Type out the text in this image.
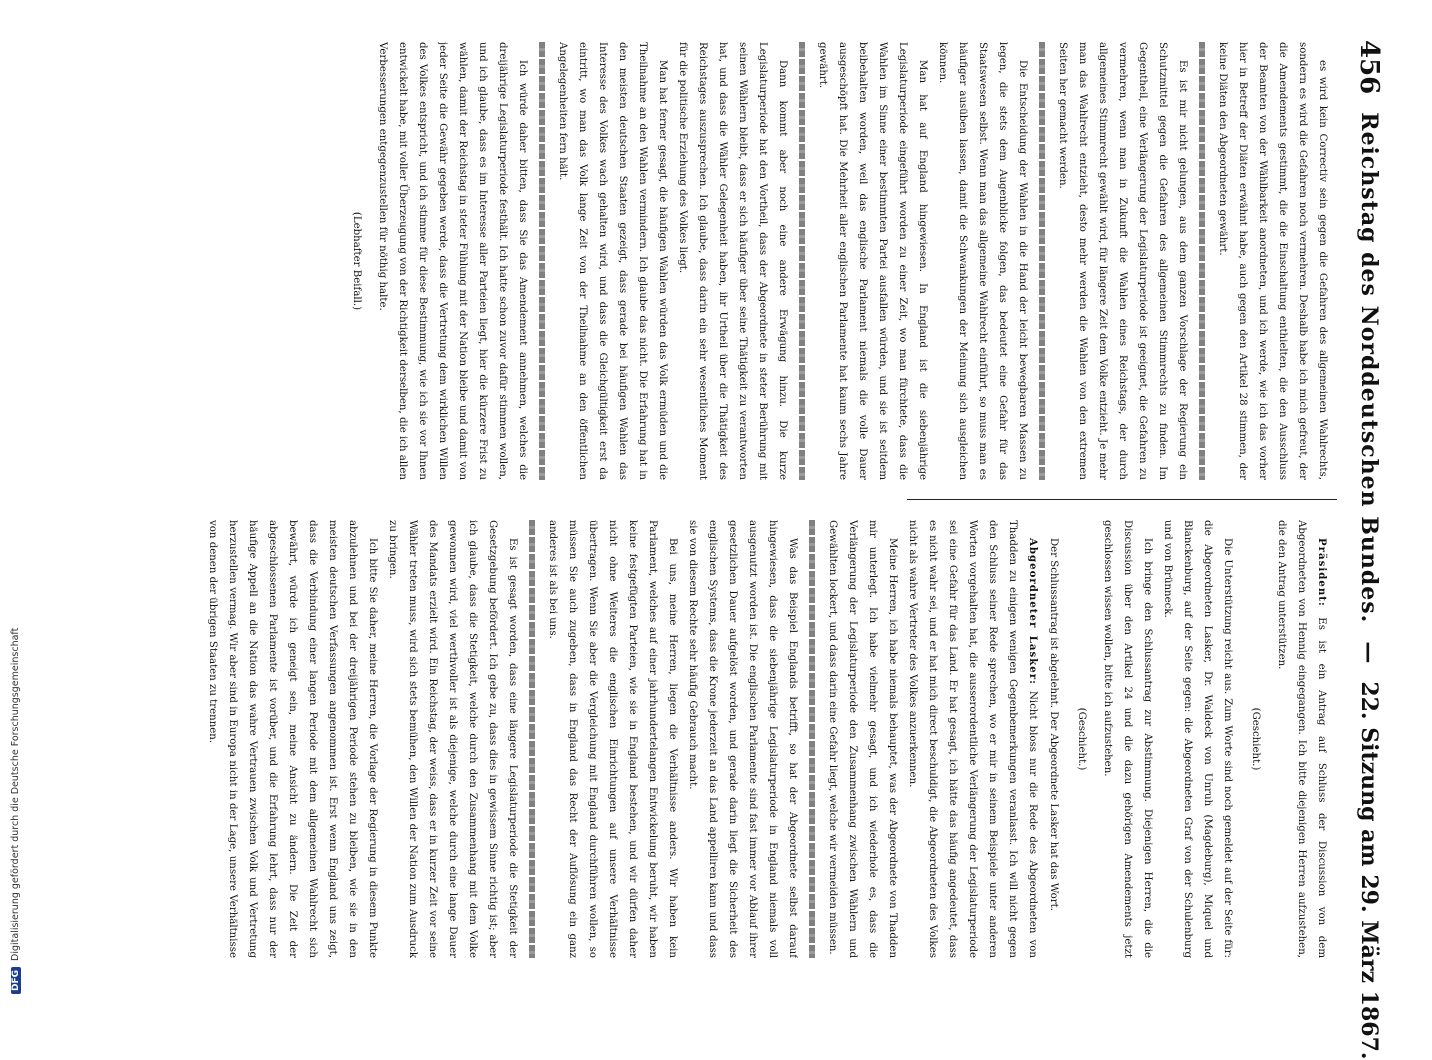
456
Reichstag des Norddeutschen Bundes.
—
22. Sitzung am 29. März 1867.

es wird kein Correctiv sein gegen die Gefahren des allgemeinen Wahlrechts, sondern es wird die Gefahren noch vermehren. Deshalb habe ich mich gefreut, der die Amendements gestimmt, die die Einschaltung enthielten, die den Ausschluss der Beamten von der Wählbarkeit anordneten, und ich werde, wie ich das vorher hier in Betreff der Diäten erwähnt habe, auch gegen den Artikel 28 stimmen, der keine Diäten den Abgeordneten gewährt.

Es ist mir nicht gelungen, aus dem ganzen Vorschlage der Regierung ein Schutzmittel gegen die Gefahren des allgemeinen Stimmrechts zu finden. Im Gegentheil, eine Verlängerung der Legislaturperiode ist geeignet, die Gefahren zu vermehren, wenn man in Zukunft die Wahlen eines Reichstags, der durch allgemeines Stimmrecht gewählt wird, für längere Zeit dem Volke entzieht. Je mehr man das Wahlrecht entzieht, desto mehr werden die Wahlen von den extremen Seiten her gemacht werden.

Die Entscheidung der Wahlen in die Hand der leicht bewegbaren Massen zu legen, die stets dem Augenblicke folgen, das bedeutet eine Gefahr für das Staatswesen selbst. Wenn man das allgemeine Wahlrecht einführt, so muss man es häufiger ausüben lassen, damit die Schwankungen der Meinung sich ausgleichen können.

Man hat auf England hingewiesen. In England ist die siebenjährige Legislaturperiode eingeführt worden zu einer Zeit, wo man fürchtete, dass die Wahlen im Sinne einer bestimmten Partei ausfallen würden, und sie ist seitdem beibehalten worden, weil das englische Parlament niemals die volle Dauer ausgeschöpft hat. Die Mehrheit aller englischen Parlamente hat kaum sechs Jahre gewährt.

Dann kommt aber noch eine andere Erwägung hinzu. Die kurze Legislaturperiode hat den Vortheil, dass der Abgeordnete in steter Berührung mit seinen Wählern bleibt, dass er sich häufiger über seine Thätigkeit zu verantworten hat, und dass die Wähler Gelegenheit haben, ihr Urtheil über die Thätigkeit des Reichstages auszusprechen. Ich glaube, dass darin ein sehr wesentliches Moment für die politische Erziehung des Volkes liegt.

Man hat ferner gesagt, die häufigen Wahlen würden das Volk ermüden und die Theilnahme an den Wahlen vermindern. Ich glaube das nicht. Die Erfahrung hat in den meisten deutschen Staaten gezeigt, dass gerade bei häufigen Wahlen das Interesse des Volkes wach gehalten wird, und dass die Gleichgültigkeit erst da eintritt, wo man das Volk lange Zeit von der Theilnahme an den öffentlichen Angelegenheiten fern hält.

Ich würde daher bitten, dass Sie das Amendement annehmen, welches die dreijährige Legislaturperiode festhält. Ich hatte schon zuvor dafür stimmen wollen, und ich glaube, dass es im Interesse aller Parteien liegt, hier die kürzere Frist zu wählen, damit der Reichstag in steter Fühlung mit der Nation bleibe und damit von jeder Seite die Gewähr gegeben werde, dass die Vertretung dem wirklichen Willen des Volkes entspricht, und ich stimme für diese Bestimmung, wie ich sie vor Ihnen entwickelt habe, mit voller Überzeugung von der Richtigkeit derselben, die ich allen Verbesserungen entgegenzustellen für nöthig halte.

(Lebhafter Beifall.)

Präsident: Es ist ein Antrag auf Schluss der Discussion von dem Abgeordneten von Hennig eingegangen. Ich bitte diejenigen Herren aufzustehen, die den Antrag unterstützen.

(Geschieht.)

Die Unterstützung reicht aus. Zum Worte sind noch gemeldet auf der Seite für: die Abgeordneten Lasker, Dr. Waldeck von Unruh (Magdeburg), Miquel und Blanckenburg, auf der Seite gegen: die Abgeordneten Graf von der Schulenburg und von Brünneck.

Ich bringe den Schlussantrag zur Abstimmung. Diejenigen Herren, die die Discussion über den Artikel 24 und die dazu gehörigen Amendements jetzt geschlossen wissen wollen, bitte ich aufzustehen.

(Geschieht.)

Der Schlussantrag ist abgelehnt. Der Abgeordnete Lasker hat das Wort.

Abgeordneter Lasker: Nicht bloss nur die Rede des Abgeordneten von Thadden zu einigen wenigen Gegenbemerkungen veranlasst. Ich will nicht gegen den Schluss seiner Rede sprechen, wo er mir in seinem Beispiele unter anderen Worten vorgehalten hat, die ausserordentliche Verlängerung der Legislaturperiode sei eine Gefahr für das Land. Er hat gesagt, ich hätte das häufig angedeutet, dass es nicht wahr sei, und er hat mich direct beschuldigt, die Abgeordneten des Volkes nicht als wahre Vertreter des Volkes anzuerkennen.

Meine Herren, ich habe niemals behauptet, was der Abgeordnete von Thadden mir unterlegt. Ich habe vielmehr gesagt, und ich wiederhole es, dass die Verlängerung der Legislaturperiode den Zusammenhang zwischen Wählern und Gewählten lockert, und dass darin eine Gefahr liegt, welche wir vermeiden müssen.

Was das Beispiel Englands betrifft, so hat der Abgeordnete selbst darauf hingewiesen, dass die siebenjährige Legislaturperiode in England niemals voll ausgenutzt worden ist. Die englischen Parlamente sind fast immer vor Ablauf ihrer gesetzlichen Dauer aufgelöst worden, und gerade darin liegt die Sicherheit des englischen Systems, dass die Krone jederzeit an das Land appelliren kann und dass sie von diesem Rechte sehr häufig Gebrauch macht.

Bei uns, meine Herren, liegen die Verhältnisse anders. Wir haben kein Parlament, welches auf einer jahrhundertelangen Entwickelung beruht, wir haben keine festgefügten Parteien, wie sie in England bestehen, und wir dürfen daher nicht ohne Weiteres die englischen Einrichtungen auf unsere Verhältnisse übertragen. Wenn Sie aber die Vergleichung mit England durchführen wollen, so müssen Sie auch zugeben, dass in England das Recht der Auflösung ein ganz anderes ist als bei uns.

Es ist gesagt worden, dass eine längere Legislaturperiode die Stetigkeit der Gesetzgebung befördert. Ich gebe zu, dass dies in gewissem Sinne richtig ist; aber ich glaube, dass die Stetigkeit, welche durch den Zusammenhang mit dem Volke gewonnen wird, viel werthvoller ist als diejenige, welche durch eine lange Dauer des Mandats erzielt wird. Ein Reichstag, der weiss, dass er in kurzer Zeit vor seine Wähler treten muss, wird sich stets bemühen, den Willen der Nation zum Ausdruck zu bringen.

Ich bitte Sie daher, meine Herren, die Vorlage der Regierung in diesem Punkte abzulehnen und bei der dreijährigen Periode stehen zu bleiben, wie sie in den meisten deutschen Verfassungen angenommen ist. Erst wenn England uns zeigt, dass die Verbindung einer langen Periode mit dem allgemeinen Wahlrecht sich bewährt, würde ich geneigt sein, meine Ansicht zu ändern. Die Zeit der abgeschlossenen Parlamente ist vorüber, und die Erfahrung lehrt, dass nur der häufige Appell an die Nation das wahre Vertrauen zwischen Volk und Vertretung herzustellen vermag. Wir aber sind in Europa nicht in der Lage, unsere Verhältnisse von denen der übrigen Staaten zu trennen.

DFGDigitalisierung gefördert durch die Deutsche Forschungsgemeinschaft
